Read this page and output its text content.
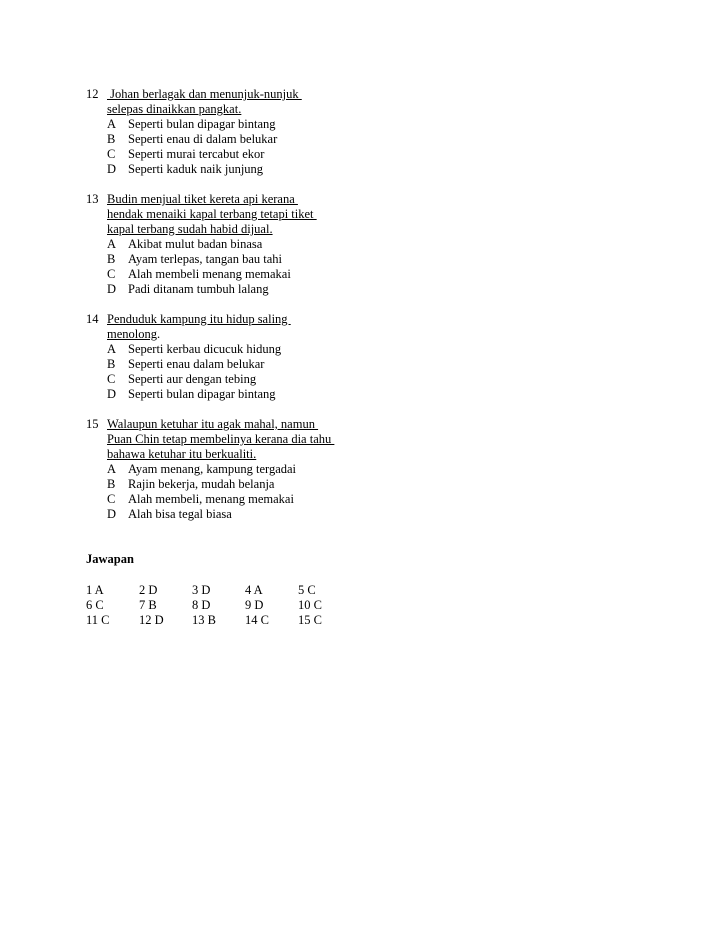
12 Johan berlagak dan menunjuk-nunjuk
selepas dinaikkan pangkat.
A Seperti bulan dipagar bintang
B Seperti enau di dalam belukar
C Seperti murai tercabut ekor
D Seperti kaduk naik junjung
13 Budin menjual tiket kereta api kerana
hendak menaiki kapal terbang tetapi tiket
kapal terbang sudah habid dijual.
A Akibat mulut badan binasa
B Ayam terlepas, tangan bau tahi
C Alah membeli menang memakai
D Padi ditanam tumbuh lalang
14 Penduduk kampung itu hidup saling
menolong.
A Seperti kerbau dicucuk hidung
B Seperti enau dalam belukar
C Seperti aur dengan tebing
D Seperti bulan dipagar bintang
15 Walaupun ketuhar itu agak mahal, namun
Puan Chin tetap membelinya kerana dia tahu
bahawa ketuhar itu berkualiti.
A Ayam menang, kampung tergadai
B Rajin bekerja, mudah belanja
C Alah membeli, menang memakai
D Alah bisa tegal biasa
Jawapan
1 A	2 D	3 D	4 A	5 C
6 C	7 B	8 D	9 D	10 C
11 C 12 D 13 B 14 C 15 C
